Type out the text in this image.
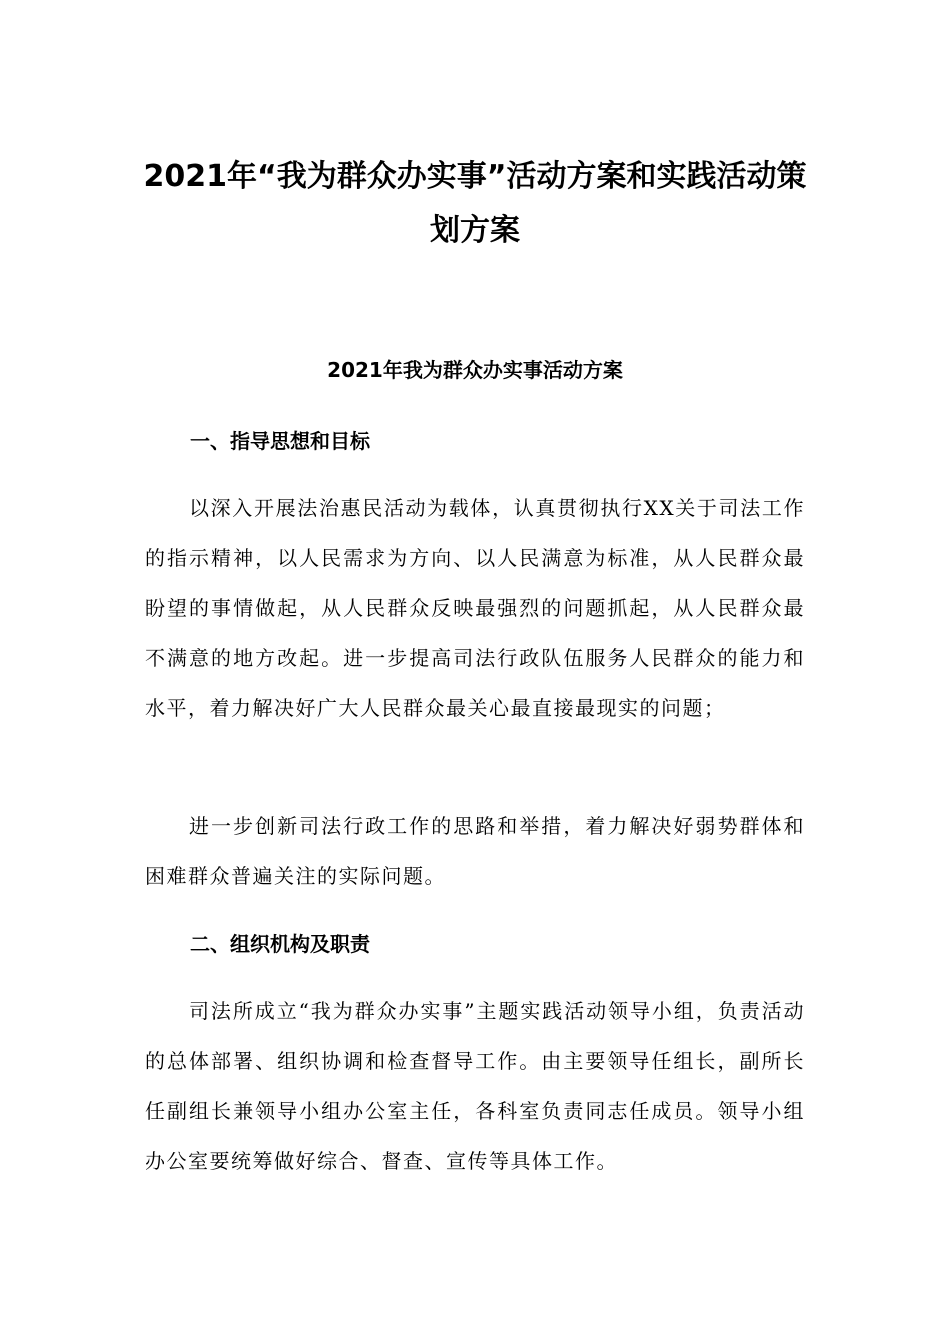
2021年“我为群众办实事”活动方案和实践活动策划方案
2021年我为群众办实事活动方案
一、指导思想和目标

以深入开展法治惠民活动为载体，认真贯彻执行XX关于司法工作的指示精神，以人民需求为方向、以人民满意为标准，从人民群众最盼望的事情做起，从人民群众反映最强烈的问题抓起，从人民群众最不满意的地方改起。进一步提高司法行政队伍服务人民群众的能力和水平，着力解决好广大人民群众最关心最直接最现实的问题；

进一步创新司法行政工作的思路和举措，着力解决好弱势群体和困难群众普遍关注的实际问题。

二、组织机构及职责

司法所成立“我为群众办实事”主题实践活动领导小组，负责活动的总体部署、组织协调和检查督导工作。由主要领导任组长，副所长任副组长兼领导小组办公室主任，各科室负责同志任成员。领导小组办公室要统筹做好综合、督查、宣传等具体工作。
